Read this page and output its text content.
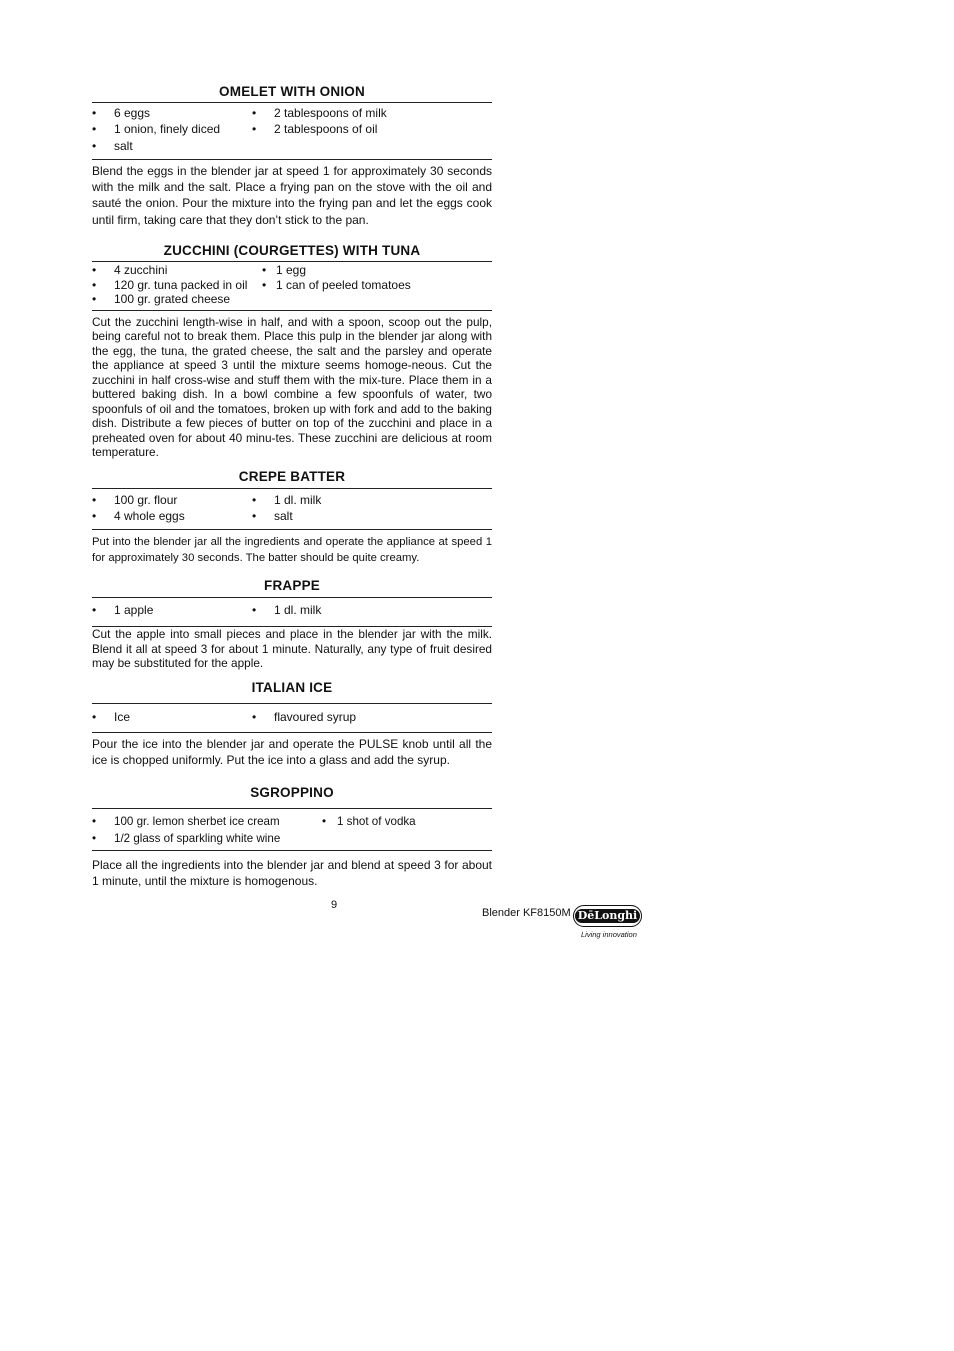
OMELET WITH ONION
• 6 eggs	• 2 tablespoons of milk
• 1 onion, finely diced	• 2 tablespoons of oil
• salt
Blend the eggs in the blender jar at speed 1 for approximately 30 seconds with the milk and the salt. Place a frying pan on the stove with the oil and sauté the onion. Pour the mixture into the frying pan and let the eggs cook until firm, taking care that they don’t stick to the pan.
ZUCCHINI (COURGETTES) WITH TUNA
• 4 zucchini	• 1 egg
• 120 gr. tuna packed in oil • 1 can of peeled tomatoes
• 100 gr. grated cheese
Cut the zucchini length-wise in half, and with a spoon, scoop out the pulp, being careful not to break them. Place this pulp in the blender jar along with the egg, the tuna, the grated cheese, the salt and the parsley and operate the appliance at speed 3 until the mixture seems homoge-neous. Cut the zucchini in half cross-wise and stuff them with the mix-ture. Place them in a buttered baking dish. In a bowl combine a few spoonfuls of water, two spoonfuls of oil and the tomatoes, broken up with fork and add to the baking dish. Distribute a few pieces of butter on top of the zucchini and place in a preheated oven for about 40 minu-tes. These zucchini are delicious at room temperature.
CREPE BATTER
• 100 gr. flour	• 1 dl. milk
• 4 whole eggs	• salt
Put into the blender jar all the ingredients and operate the appliance at speed 1 for approximately 30 seconds. The batter should be quite creamy.
FRAPPE
• 1 apple	• 1 dl. milk
Cut the apple into small pieces and place in the blender jar with the milk. Blend it all at speed 3 for about 1 minute. Naturally, any type of fruit desired may be substituted for the apple.
ITALIAN ICE
• Ice	• flavoured syrup
Pour the ice into the blender jar and operate the PULSE knob until all the ice is chopped uniformly. Put the ice into a glass and add the syrup.
SGROPPINO
• 100 gr. lemon sherbet ice cream	• 1 shot of vodka
• 1/2 glass of sparkling white wine
Place all the ingredients into the blender jar and blend at speed 3 for about 1 minute, until the mixture is homogenous.
9
Blender KF8150M DēLonghi
Living innovation
